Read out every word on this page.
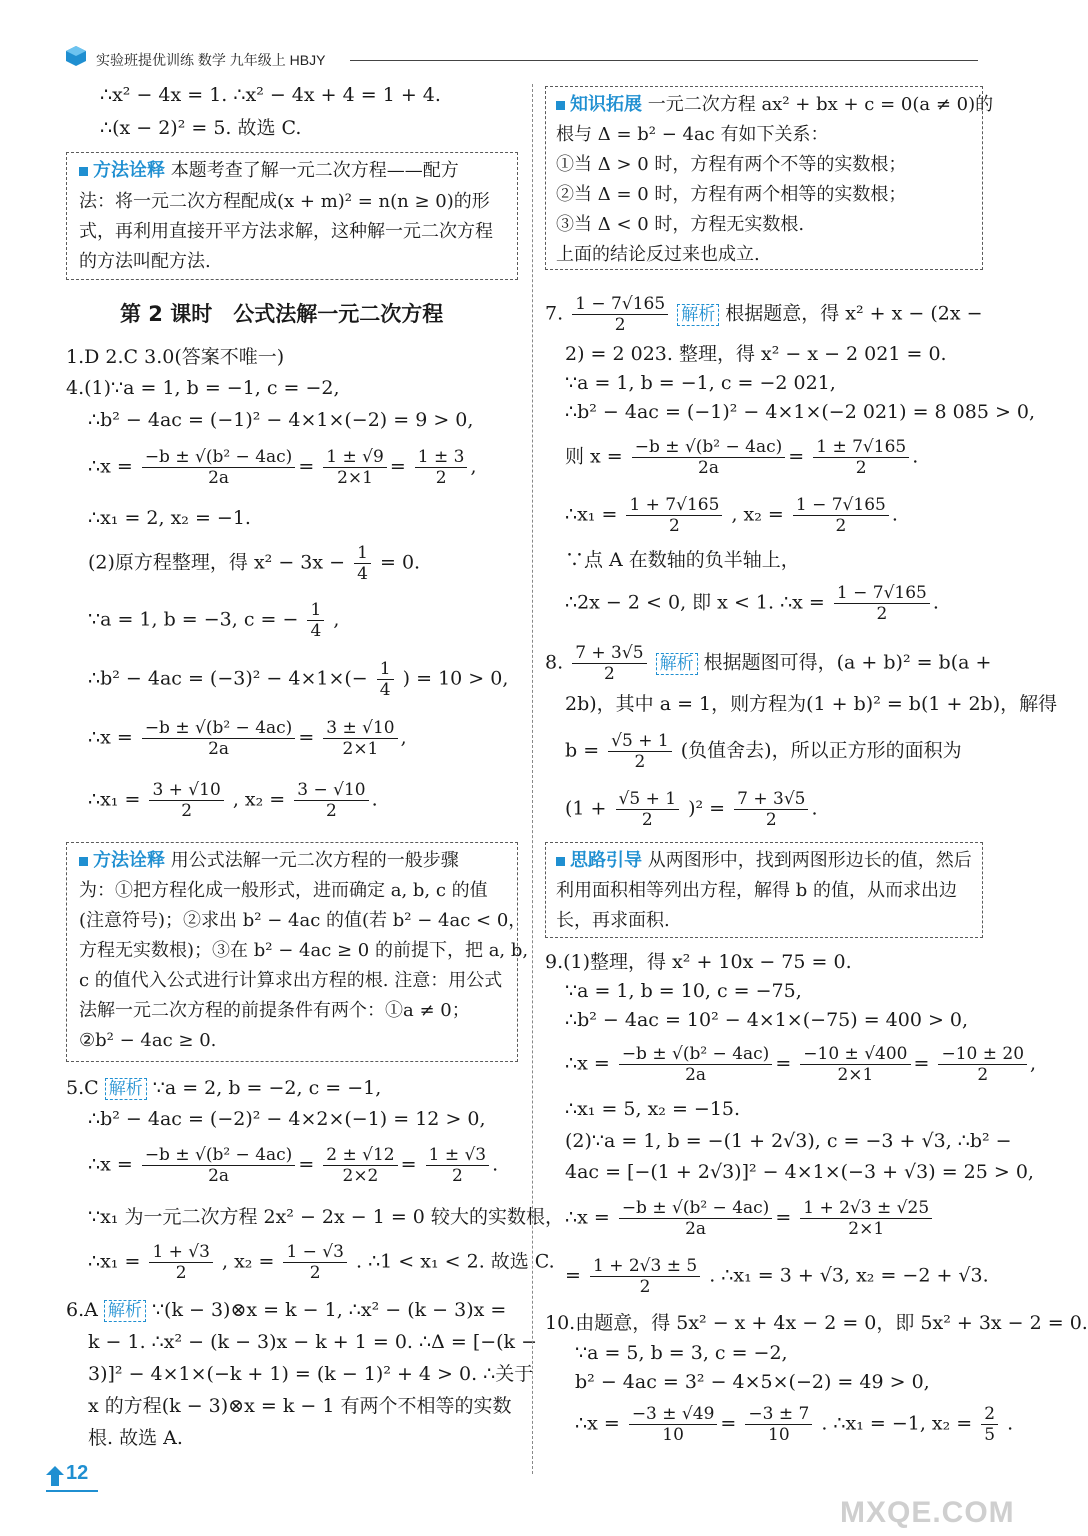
实验班提优训练 数学 九年级上 HBJY
∴x² − 4x = 1. ∴x² − 4x + 4 = 1 + 4.
∴(x − 2)² = 5. 故选 C.
方法诠释 本题考查了解一元二次方程——配方
法：将一元二次方程配成(x + m)² = n(n ≥ 0)的形
式，再利用直接开平方法求解，这种解一元二次方程
的方法叫配方法.
第 2 课时　公式法解一元二次方程
1.D 2.C 3.0(答案不唯一)
4.(1)∵a = 1, b = −1, c = −2,
∴b² − 4ac = (−1)² − 4×1×(−2) = 9 > 0,
∴x = $\frac{\text{−b ± √(b² − 4ac)}}{2a} = \frac{1 \pm √9}{2\times 1} = \frac{1 \pm 3}{2}$ ,
∴x₁ = 2, x₂ = −1.
(2)原方程整理，得 $x^2 - 3x - \frac{1}{4} = 0$.
∵a = 1, b = −3, c = − $\frac{1}{4}$ ,
∴b² − $4ac = (-3)^2 - 4\times 1\times(- \frac{1}{4}$ ) = 10 > 0,
∴x = $\frac{\text{−b ± √(b² − 4ac)}}{2a} = \frac{3 \pm √10}{2\times 1}$ ,
∴x₁ = $\frac{3 + √10}{2}$ , $x_2 = \frac{3 - √10}{2}$ .
方法诠释 用公式法解一元二次方程的一般步骤
为：①把方程化成一般形式，进而确定 a, b, c 的值
(注意符号)；②求出 b² − 4ac 的值(若 b² − 4ac < 0，
方程无实数根)；③在 b² − 4ac ≥ 0 的前提下，把 a, b,
c 的值代入公式进行计算求出方程的根. 注意：用公式
法解一元二次方程的前提条件有两个：①a ≠ 0；
②b² − 4ac ≥ 0.
5.C 解析 ∵a = 2, b = −2, c = −1,
∴b² − 4ac = (−2)² − 4×2×(−1) = 12 > 0,
∴x = $\frac{\text{−b ± √(b² − 4ac)}}{2a} = \frac{2 \pm √12}{2\times 2} = \frac{1 \pm √3}{2}$ .
∵x₁ 为一元二次方程 2x² − 2x − 1 = 0 较大的实数根，
∴x₁ = $\frac{1 + √3}{2}$ , $x_2 = \frac{1 - √3}{2}$ . ∴1 < x₁ < 2. 故选 C.
6.A 解析 ∵(k − 3)⊗x = k − 1, ∴x² − (k − 3)x =
k − 1. ∴x² − (k − 3)x − k + 1 = 0. ∴Δ = [−(k −
3)]² − 4×1×(−k + 1) = (k − 1)² + 4 > 0. ∴关于
x 的方程(k − 3)⊗x = k − 1 有两个不相等的实数
根. 故选 A.
知识拓展 一元二次方程 ax² + bx + c = 0(a ≠ 0)的
根与 Δ = b² − 4ac 有如下关系：
①当 Δ > 0 时，方程有两个不等的实数根；
②当 Δ = 0 时，方程有两个相等的实数根；
③当 Δ < 0 时，方程无实数根.
上面的结论反过来也成立.
7. $\frac{1 - 7√165}{2}$ 解析 根据题意，得 x² + x − (2x −
2) = 2 023. 整理，得 x² − x − 2 021 = 0.
∵a = 1, b = −1, c = −2 021,
∴b² − 4ac = (−1)² − 4×1×(−2 021) = 8 085 > 0,
则 $x = \frac{\text{−b ± √(b² − 4ac)}}{2a} = \frac{1 \pm 7√165}{2}$ .
∴x₁ = $\frac{1 + 7√165}{2}$ , $x_2 = \frac{1 - 7√165}{2}$ .
∵点 A 在数轴的负半轴上，
∴2x − 2 < 0, 即 x < 1. ∴x = $\frac{1 - 7√165}{2}$ .
8. $\frac{7 + 3√5}{2}$ 解析 根据题图可得，(a + b)² = b(a +
2b)，其中 a = 1，则方程为(1 + b)² = b(1 + 2b)，解得
$b = \frac{√5 + 1}{2}$ (负值舍去)，所以正方形的面积为
$(1 + \frac{√5 + 1}{2} )^2 = \frac{7 + 3√5}{2}$ .
思路引导 从两图形中，找到两图形边长的值，然后
利用面积相等列出方程，解得 b 的值，从而求出边
长，再求面积.
9.(1)整理，得 x² + 10x − 75 = 0.
∵a = 1, b = 10, c = −75,
∴b² − 4ac = 10² − 4×1×(−75) = 400 > 0,
∴x = $\frac{\text{−b ± √(b² − 4ac)}}{2a} = \frac{-10 \pm √400}{2\times 1} = \frac{-10 \pm 20}{2}$ ,
∴x₁ = 5, x₂ = −15.
(2)∵a = 1, b = −(1 + 2√3), c = −3 + √3, ∴b² −
4ac = [−(1 + 2√3)]² − 4×1×(−3 + √3) = 25 > 0,
∴x = $\frac{\text{−b ± √(b² − 4ac)}}{2a} = \frac{1 + 2√3 \pm √25}{2\times 1}$
= $\frac{1 + 2√3 \pm 5}{2}$ . ∴x₁ = 3 + √3, x₂ = −2 + √3.
10.由题意，得 5x² − x + 4x − 2 = 0，即 5x² + 3x − 2 = 0.
∵a = 5, b = 3, c = −2,
b² − 4ac = 3² − 4×5×(−2) = 49 > 0,
∴x = $\frac{-3 \pm √49}{10} = \frac{-3 \pm 7}{10}$ . ∴x₁ = −1, $x_2 = \frac{2}{5}$ .
12
MXQE.COM
